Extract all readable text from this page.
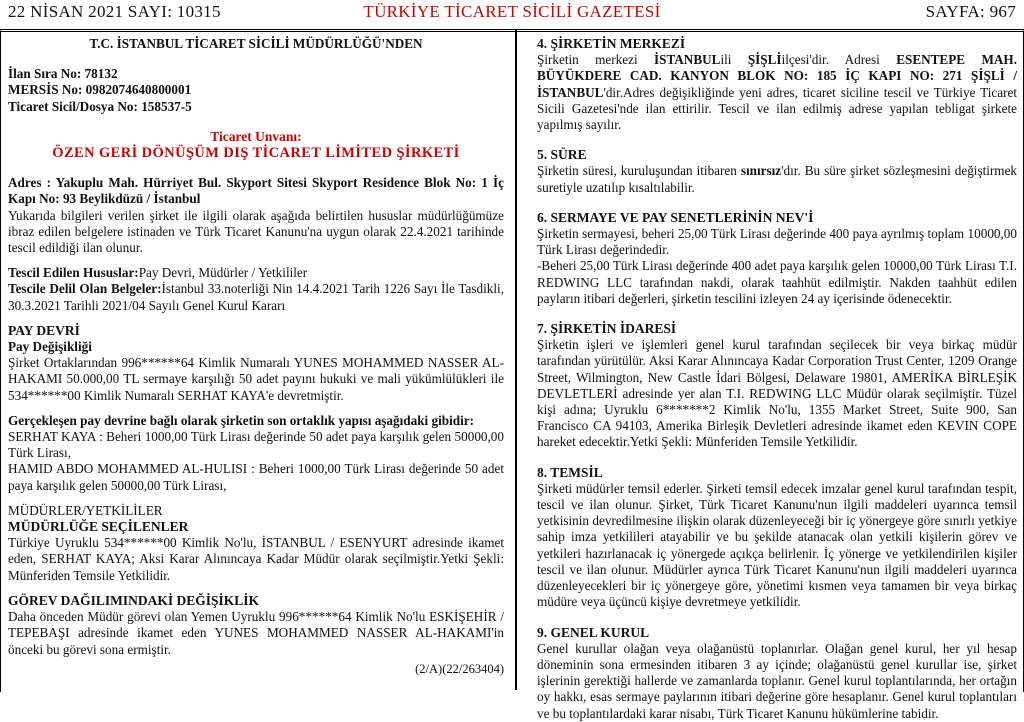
TÜRKİYE TİCARET SİCİLİ GAZETESİ
22 NİSAN 2021 SAYI: 10315	SAYFA: 967

T.C. İSTANBUL TİCARET SİCİLİ MÜDÜRLÜĞÜ'NDEN

İlan Sıra No: 78132

MERSİS No: 0982074640800001

Ticaret Sicil/Dosya No: 158537-5

Ticaret Unvanı:

ÖZEN GERİ DÖNÜŞÜM DIŞ TİCARET LİMİTED ŞİRKETİ

Adres : Yakuplu Mah. Hürriyet Bul. Skyport Sitesi Skyport Residence Blok No: 1 İç Kapı No: 93 Beylikdüzü / İstanbul

Yukarıda bilgileri verilen şirket ile ilgili olarak aşağıda belirtilen hususlar müdürlüğümüze ibraz edilen belgelere istinaden ve Türk Ticaret Kanunu'na uygun olarak 22.4.2021 tarihinde tescil edildiği ilan olunur.

Tescil Edilen Hususlar:Pay Devri, Müdürler / Yetkililer

Tescile Delil Olan Belgeler:İstanbul 33.noterliği Nin 14.4.2021 Tarih 1226 Sayı İle Tasdikli, 30.3.2021 Tarihli 2021/04 Sayılı Genel Kurul Kararı

PAY DEVRİ

Pay Değişikliği

Şirket Ortaklarından 996******64 Kimlik Numaralı YUNES MOHAMMED NASSER AL-HAKAMI 50.000,00 TL sermaye karşılığı 50 adet payını hukuki ve mali yükümlülükleri ile 534******00 Kimlik Numaralı SERHAT KAYA'e devretmiştir.

Gerçekleşen pay devrine bağlı olarak şirketin son ortaklık yapısı aşağıdaki gibidir:

SERHAT KAYA : Beheri 1000,00 Türk Lirası değerinde 50 adet paya karşılık gelen 50000,00 Türk Lirası,

HAMID ABDO MOHAMMED AL-HULISI : Beheri 1000,00 Türk Lirası değerinde 50 adet paya karşılık gelen 50000,00 Türk Lirası,

MÜDÜRLER/YETKİLİLER

MÜDÜRLÜĞE SEÇİLENLER

Türkiye Uyruklu 534******00 Kimlik No'lu, İSTANBUL / ESENYURT adresinde ikamet eden, SERHAT KAYA; Aksi Karar Alınıncaya Kadar Müdür olarak seçilmiştir.Yetki Şekli: Münferiden Temsile Yetkilidir.

GÖREV DAĞILIMINDAKİ DEĞİŞİKLİK

Daha önceden Müdür görevi olan Yemen Uyruklu 996******64 Kimlik No'lu ESKİŞEHİR / TEPEBAŞI adresinde ikamet eden YUNES MOHAMMED NASSER AL-HAKAMI'in önceki bu görevi sona ermiştir.

(2/A)(22/263404)

4. ŞİRKETİN MERKEZİ

Şirketin merkezi İSTANBULili ŞİŞLİilçesi'dir. Adresi ESENTEPE MAH. BÜYÜKDERE CAD. KANYON BLOK NO: 185 İÇ KAPI NO: 271 ŞİŞLİ / İSTANBUL'dir.Adres değişikliğinde yeni adres, ticaret siciline tescil ve Türkiye Ticaret Sicili Gazetesi'nde ilan ettirilir. Tescil ve ilan edilmiş adrese yapılan tebligat şirkete yapılmış sayılır.

5. SÜRE

Şirketin süresi, kuruluşundan itibaren sınırsız'dır. Bu süre şirket sözleşmesini değiştirmek suretiyle uzatılıp kısaltılabilir.

6. SERMAYE VE PAY SENETLERİNİN NEV'İ

Şirketin sermayesi, beheri 25,00 Türk Lirası değerinde 400 paya ayrılmış toplam 10000,00 Türk Lirası değerindedir.

-Beheri 25,00 Türk Lirası değerinde 400 adet paya karşılık gelen 10000,00 Türk Lirası T.I. REDWING LLC tarafından nakdi, olarak taahhüt edilmiştir. Nakden taahhüt edilen payların itibari değerleri, şirketin tescilini izleyen 24 ay içerisinde ödenecektir.

7. ŞİRKETİN İDARESİ

Şirketin işleri ve işlemleri genel kurul tarafından seçilecek bir veya birkaç müdür tarafından yürütülür. Aksi Karar Alınıncaya Kadar Corporation Trust Center, 1209 Orange Street, Wilmington, New Castle İdari Bölgesi, Delaware 19801, AMERİKA BİRLEŞİK DEVLETLERİ adresinde yer alan T.I. REDWING LLC Müdür olarak seçilmiştir. Tüzel kişi adına; Uyruklu 6*******2 Kimlik No'lu, 1355 Market Street, Suite 900, San Francisco CA 94103, Amerika Birleşik Devletleri adresinde ikamet eden KEVIN COPE hareket edecektir.Yetki Şekli: Münferiden Temsile Yetkilidir.

8. TEMSİL

Şirketi müdürler temsil ederler. Şirketi temsil edecek imzalar genel kurul tarafından tespit, tescil ve ilan olunur. Şirket, Türk Ticaret Kanunu'nun ilgili maddeleri uyarınca temsil yetkisinin devredilmesine ilişkin olarak düzenleyeceği bir iç yönergeye göre sınırlı yetkiye sahip imza yetkilileri atayabilir ve bu şekilde atanacak olan yetkili kişilerin görev ve yetkileri hazırlanacak iç yönergede açıkça belirlenir. İç yönerge ve yetkilendirilen kişiler tescil ve ilan olunur. Müdürler ayrıca Türk Ticaret Kanunu'nun ilgili maddeleri uyarınca düzenleyecekleri bir iç yönergeye göre, yönetimi kısmen veya tamamen bir veya birkaç müdüre veya üçüncü kişiye devretmeye yetkilidir.

9. GENEL KURUL

Genel kurullar olağan veya olağanüstü toplanırlar. Olağan genel kurul, her yıl hesap döneminin sona ermesinden itibaren 3 ay içinde; olağanüstü genel kurullar ise, şirket işlerinin gerektiği hallerde ve zamanlarda toplanır. Genel kurul toplantılarında, her ortağın oy hakkı, esas sermaye paylarının itibari değerine göre hesaplanır. Genel kurul toplantıları ve bu toplantılardaki karar nisabı, Türk Ticaret Kanunu hükümlerine tabidir.
